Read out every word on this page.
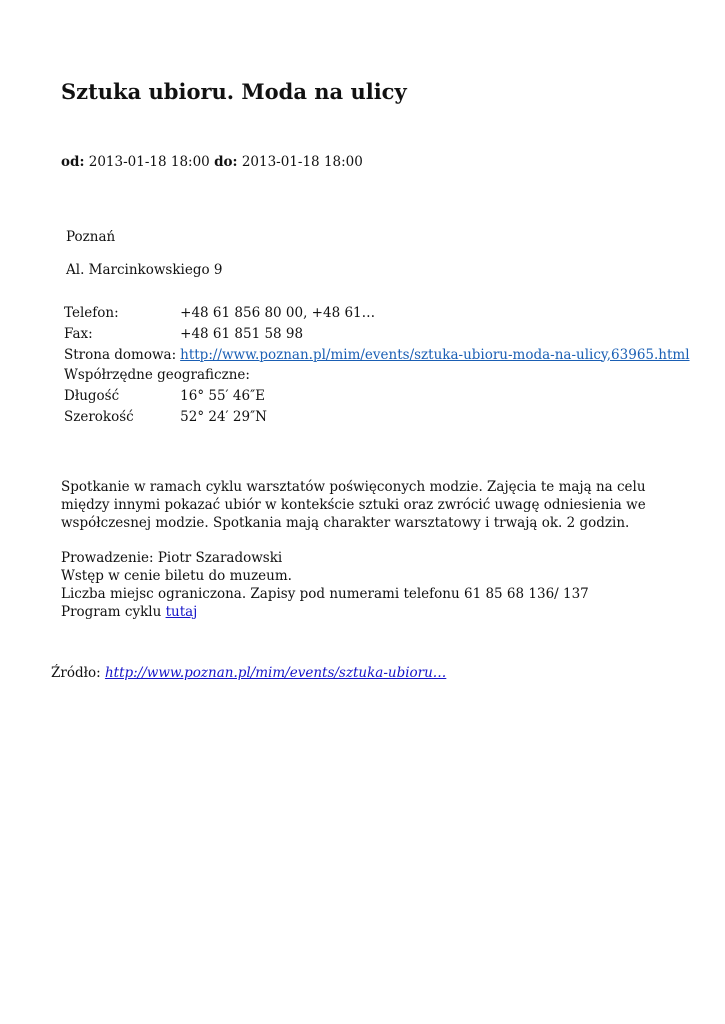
Sztuka ubioru. Moda na ulicy
od: 2013-01-18 18:00 do: 2013-01-18 18:00
Poznań
Al. Marcinkowskiego 9
Telefon:	+48 61 856 80 00, +48 61…
Fax:	+48 61 851 58 98
Strona domowa:	http://www.poznan.pl/mim/events/sztuka-ubioru-moda-na-ulicy,63965.html
Współrzędne geograficzne:	
Długość	16° 55′ 46″E
Szerokość	52° 24′ 29″N

Spotkanie w ramach cyklu warsztatów poświęconych modzie. Zajęcia te mają na celu między innymi pokazać ubiór w kontekście sztuki oraz zwrócić uwagę odniesienia we współczesnej modzie. Spotkania mają charakter warsztatowy i trwają ok. 2 godzin.

Prowadzenie: Piotr Szaradowski
Wstęp w cenie biletu do muzeum.
Liczba miejsc ograniczona. Zapisy pod numerami telefonu 61 85 68 136/ 137
Program cyklu tutaj
Źródło: http://www.poznan.pl/mim/events/sztuka-ubioru…
